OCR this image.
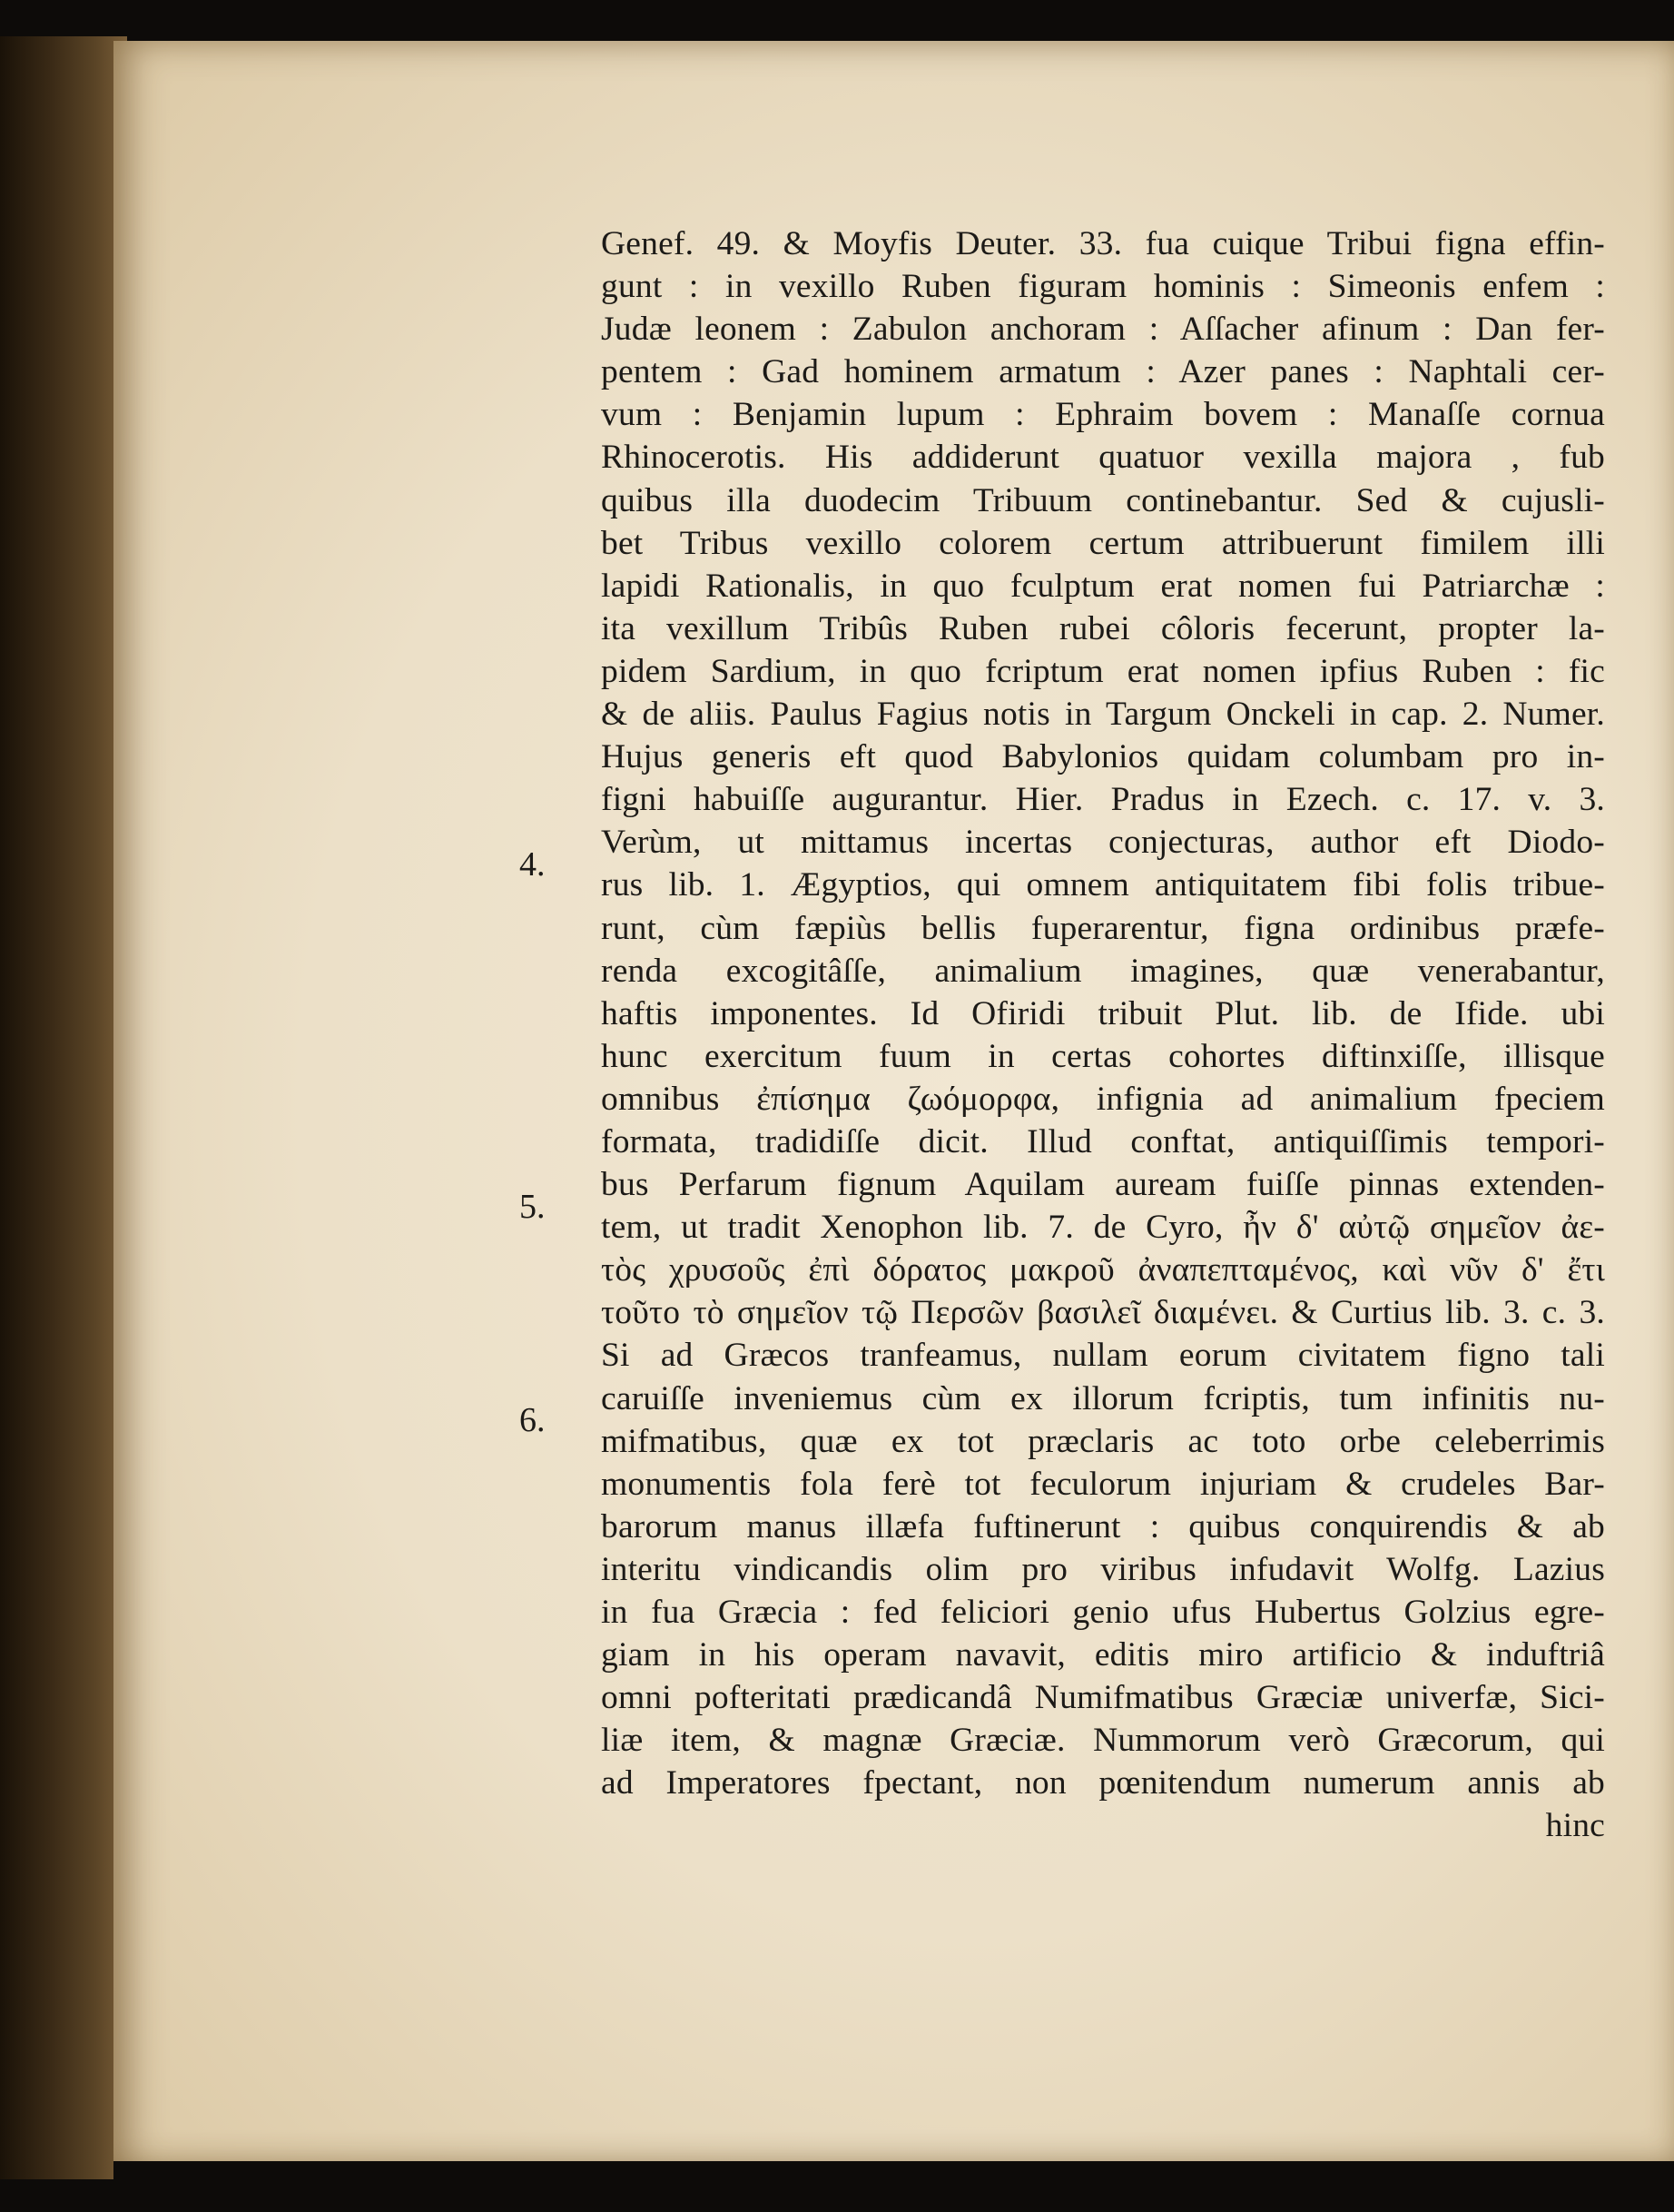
4.
5.
6.
Genef. 49. & Moyfis Deuter. 33. fua cuique Tribui figna effin-
gunt : in vexillo Ruben figuram hominis : Simeonis enfem :
Judæ leonem : Zabulon anchoram : Aſſacher afinum : Dan fer-
pentem : Gad hominem armatum : Azer panes : Naphtali cer-
vum : Benjamin lupum : Ephraim bovem : Manaſſe cornua
Rhinocerotis. His addiderunt quatuor vexilla majora , fub
quibus illa duodecim Tribuum continebantur. Sed & cujusli-
bet Tribus vexillo colorem certum attribuerunt fimilem illi
lapidi Rationalis, in quo fculptum erat nomen fui Patriarchæ :
ita vexillum Tribûs Ruben rubei côloris fecerunt, propter la-
pidem Sardium, in quo fcriptum erat nomen ipfius Ruben : fic
& de aliis. Paulus Fagius notis in Targum Onckeli in cap. 2. Numer.
Hujus generis eft quod Babylonios quidam columbam pro in-
figni habuiſſe augurantur. Hier. Pradus in Ezech. c. 17. v. 3.
Verùm, ut mittamus incertas conjecturas, author eft Diodo-
rus lib. 1. Ægyptios, qui omnem antiquitatem fibi folis tribue-
runt, cùm fæpiùs bellis fuperarentur, figna ordinibus præfe-
renda excogitâſſe, animalium imagines, quæ venerabantur,
haftis imponentes. Id Ofiridi tribuit Plut. lib. de Ifide. ubi
hunc exercitum fuum in certas cohortes diftinxiſſe, illisque
omnibus ἐπίσημα ζωόμορφα, infignia ad animalium fpeciem
formata, tradidiſſe dicit. Illud conftat, antiquiſſimis tempori-
bus Perfarum fignum Aquilam auream fuiſſe pinnas extenden-
tem, ut tradit Xenophon lib. 7. de Cyro, ἦν δ' αὐτῷ σημεῖον ἀε-
τὸς χρυσοῦς ἐπὶ δόρατος μακροῦ ἀναπεπταμένος, καὶ νῦν δ' ἔτι
τοῦτο τὸ σημεῖον τῷ Περσῶν βασιλεῖ διαμένει. & Curtius lib. 3. c. 3.
Si ad Græcos tranfeamus, nullam eorum civitatem figno tali
caruiſſe inveniemus cùm ex illorum fcriptis, tum infinitis nu-
mifmatibus, quæ ex tot præclaris ac toto orbe celeberrimis
monumentis fola ferè tot feculorum injuriam & crudeles Bar-
barorum manus illæfa fuftinerunt : quibus conquirendis & ab
interitu vindicandis olim pro viribus infudavit Wolfg. Lazius
in fua Græcia : fed feliciori genio ufus Hubertus Golzius egre-
giam in his operam navavit, editis miro artificio & induftriâ
omni pofteritati prædicandâ Numifmatibus Græciæ univerfæ, Sici-
liæ item, & magnæ Græciæ. Nummorum verò Græcorum, qui
ad Imperatores fpectant, non pœnitendum numerum annis ab
hinc
